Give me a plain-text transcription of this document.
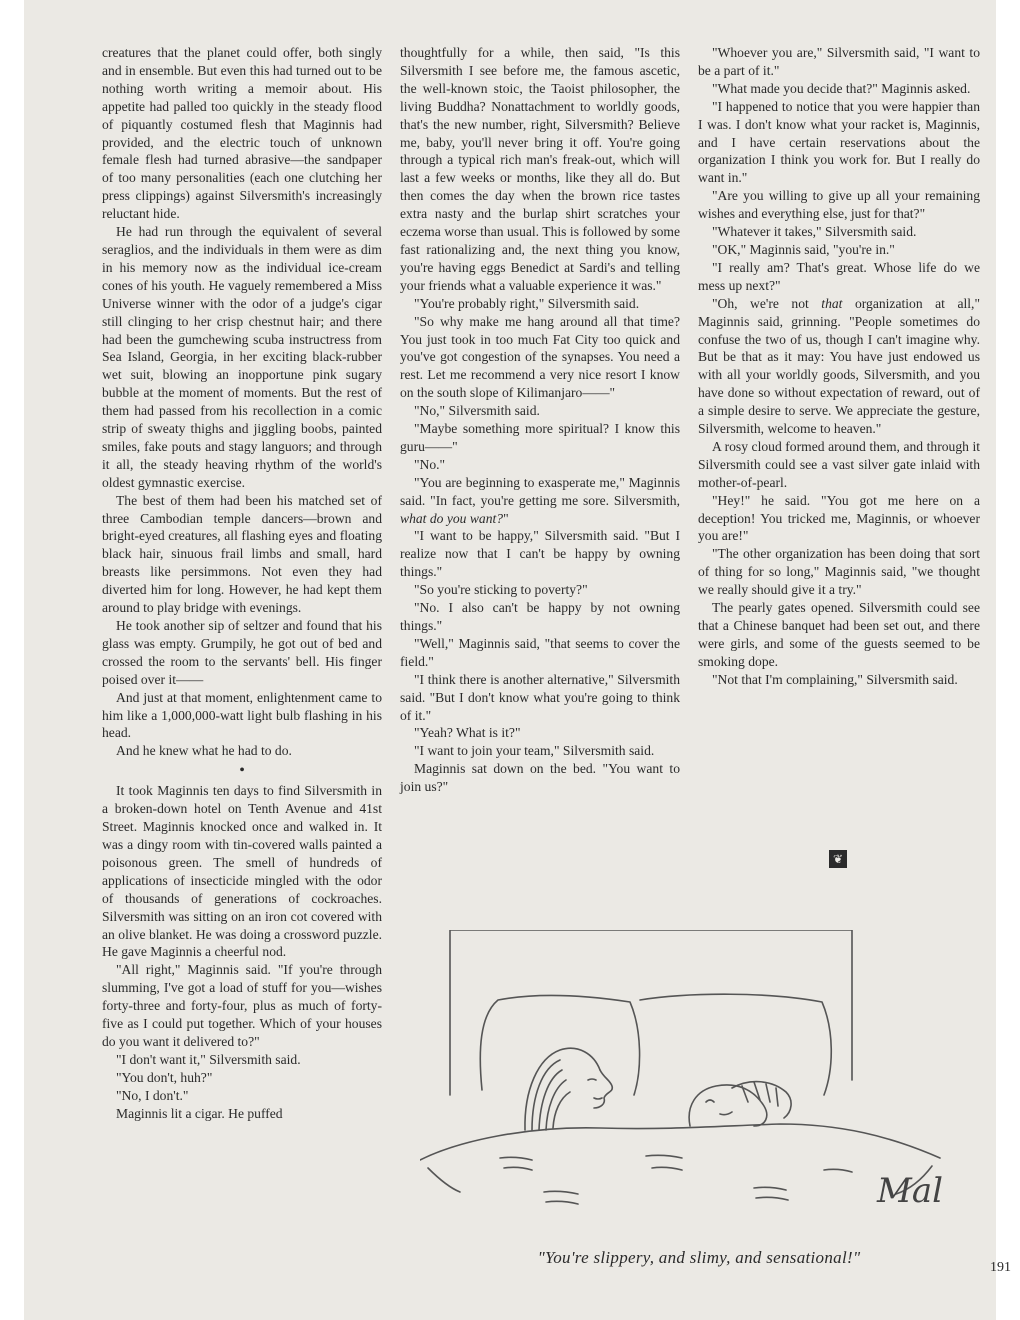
creatures that the planet could offer, both singly and in ensemble. But even this had turned out to be nothing worth writing a memoir about. His appetite had palled too quickly in the steady flood of piquantly costumed flesh that Maginnis had provided, and the electric touch of unknown female flesh had turned abrasive—the sandpaper of too many personalities (each one clutching her press clippings) against Silversmith's increasingly reluctant hide.

He had run through the equivalent of several seraglios, and the individuals in them were as dim in his memory now as the individual ice-cream cones of his youth. He vaguely remembered a Miss Universe winner with the odor of a judge's cigar still clinging to her crisp chestnut hair; and there had been the gumchewing scuba instructress from Sea Island, Georgia, in her exciting black-rubber wet suit, blowing an inopportune pink sugary bubble at the moment of moments. But the rest of them had passed from his recollection in a comic strip of sweaty thighs and jiggling boobs, painted smiles, fake pouts and stagy languors; and through it all, the steady heaving rhythm of the world's oldest gymnastic exercise.

The best of them had been his matched set of three Cambodian temple dancers—brown and bright-eyed creatures, all flashing eyes and floating black hair, sinuous frail limbs and small, hard breasts like persimmons. Not even they had diverted him for long. However, he had kept them around to play bridge with evenings.

He took another sip of seltzer and found that his glass was empty. Grumpily, he got out of bed and crossed the room to the servants' bell. His finger poised over it——

And just at that moment, enlightenment came to him like a 1,000,000-watt light bulb flashing in his head.

And he knew what he had to do.

•

It took Maginnis ten days to find Silversmith in a broken-down hotel on Tenth Avenue and 41st Street. Maginnis knocked once and walked in. It was a dingy room with tin-covered walls painted a poisonous green. The smell of hundreds of applications of insecticide mingled with the odor of thousands of generations of cockroaches. Silversmith was sitting on an iron cot covered with an olive blanket. He was doing a crossword puzzle. He gave Maginnis a cheerful nod.

"All right," Maginnis said. "If you're through slumming, I've got a load of stuff for you—wishes forty-three and forty-four, plus as much of forty-five as I could put together. Which of your houses do you want it delivered to?"

"I don't want it," Silversmith said.

"You don't, huh?"

"No, I don't."

Maginnis lit a cigar. He puffed

thoughtfully for a while, then said, "Is this Silversmith I see before me, the famous ascetic, the well-known stoic, the Taoist philosopher, the living Buddha? Nonattachment to worldly goods, that's the new number, right, Silversmith? Believe me, baby, you'll never bring it off. You're going through a typical rich man's freak-out, which will last a few weeks or months, like they all do. But then comes the day when the brown rice tastes extra nasty and the burlap shirt scratches your eczema worse than usual. This is followed by some fast rationalizing and, the next thing you know, you're having eggs Benedict at Sardi's and telling your friends what a valuable experience it was."

"You're probably right," Silversmith said.

"So why make me hang around all that time? You just took in too much Fat City too quick and you've got congestion of the synapses. You need a rest. Let me recommend a very nice resort I know on the south slope of Kilimanjaro——"

"No," Silversmith said.

"Maybe something more spiritual? I know this guru——"

"No."

"You are beginning to exasperate me," Maginnis said. "In fact, you're getting me sore. Silversmith, what do you want?"

"I want to be happy," Silversmith said. "But I realize now that I can't be happy by owning things."

"So you're sticking to poverty?"

"No. I also can't be happy by not owning things."

"Well," Maginnis said, "that seems to cover the field."

"I think there is another alternative," Silversmith said. "But I don't know what you're going to think of it."

"Yeah? What is it?"

"I want to join your team," Silversmith said.

Maginnis sat down on the bed. "You want to join us?"

"Whoever you are," Silversmith said, "I want to be a part of it."

"What made you decide that?" Maginnis asked.

"I happened to notice that you were happier than I was. I don't know what your racket is, Maginnis, and I have certain reservations about the organization I think you work for. But I really do want in."

"Are you willing to give up all your remaining wishes and everything else, just for that?"

"Whatever it takes," Silversmith said.

"OK," Maginnis said, "you're in."

"I really am? That's great. Whose life do we mess up next?"

"Oh, we're not that organization at all," Maginnis said, grinning. "People sometimes do confuse the two of us, though I can't imagine why. But be that as it may: You have just endowed us with all your worldly goods, Silversmith, and you have done so without expectation of reward, out of a simple desire to serve. We appreciate the gesture, Silversmith, welcome to heaven."

A rosy cloud formed around them, and through it Silversmith could see a vast silver gate inlaid with mother-of-pearl.

"Hey!" he said. "You got me here on a deception! You tricked me, Maginnis, or whoever you are!"

"The other organization has been doing that sort of thing for so long," Maginnis said, "we thought we really should give it a try."

The pearly gates opened. Silversmith could see that a Chinese banquet had been set out, and there were girls, and some of the guests seemed to be smoking dope.

"Not that I'm complaining," Silversmith said.

❦
Mal
"You're slippery, and slimy, and sensational!"
191
